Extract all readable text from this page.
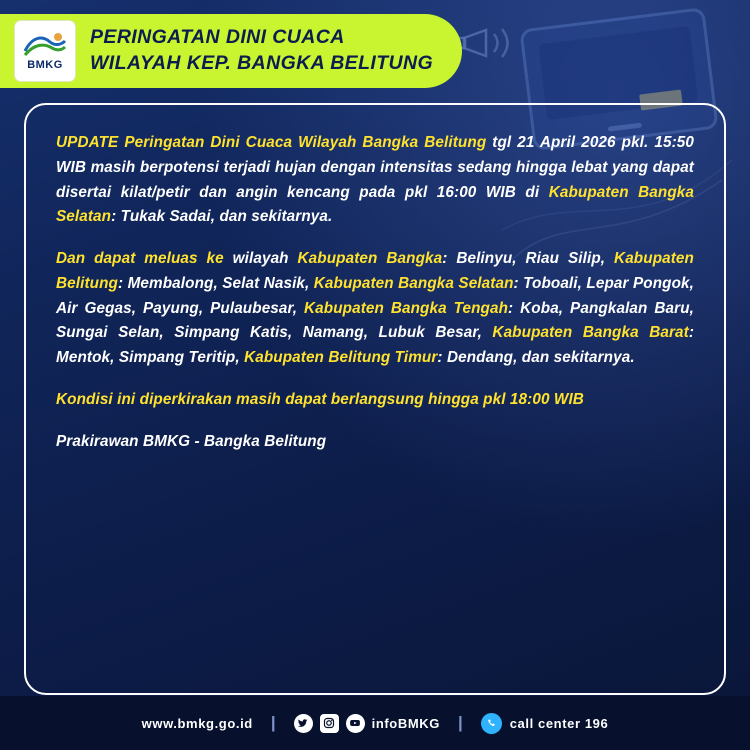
BMKG
PERINGATAN DINI CUACA
WILAYAH KEP. BANGKA BELITUNG

UPDATE Peringatan Dini Cuaca Wilayah Bangka Belitung tgl 21 April 2026 pkl. 15:50 WIB masih berpotensi terjadi hujan dengan intensitas sedang hingga lebat yang dapat disertai kilat/petir dan angin kencang pada pkl 16:00 WIB di Kabupaten Bangka Selatan: Tukak Sadai, dan sekitarnya.

Dan dapat meluas ke wilayah Kabupaten Bangka: Belinyu, Riau Silip, Kabupaten Belitung: Membalong, Selat Nasik, Kabupaten Bangka Selatan: Toboali, Lepar Pongok, Air Gegas, Payung, Pulaubesar, Kabupaten Bangka Tengah: Koba, Pangkalan Baru, Sungai Selan, Simpang Katis, Namang, Lubuk Besar, Kabupaten Bangka Barat: Mentok, Simpang Teritip, Kabupaten Belitung Timur: Dendang, dan sekitarnya.

Kondisi ini diperkirakan masih dapat berlangsung hingga pkl 18:00 WIB

Prakirawan BMKG - Bangka Belitung

www.bmkg.go.id |	infoBMKG |	call center 196
